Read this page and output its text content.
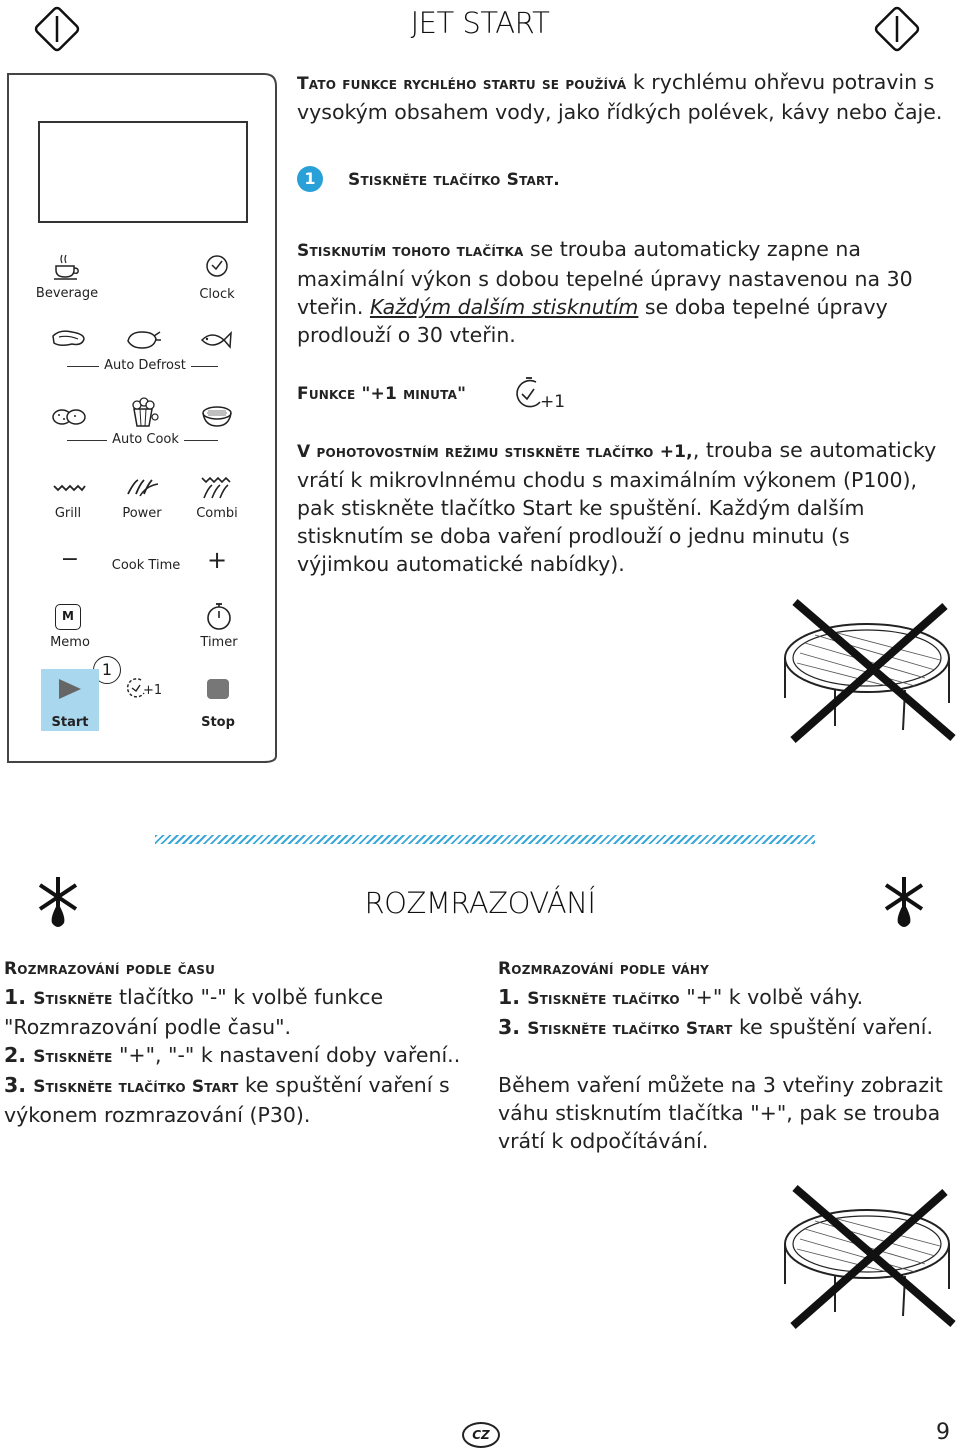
JET START
Beverage	Clock
Auto Defrost
Auto Cook
Grill	Power	Combi
−	Cook Time +
M
Memo	Timer
1
Start
+1
Stop
Tato funkce rychlého startu se používá k rychlému ohřevu potravin s vysokým obsahem vody, jako řídkých polévek, kávy nebo čaje.
1	Stiskněte tlačítko Start.
Stisknutím tohoto tlačítka se trouba automaticky zapne na maximální výkon s dobou tepelné úpravy nastavenou na 30 vteřin. Každým dalším stisknutím se doba tepelné úpravy prodlouží o 30 vteřin.
Funkce "+1 minuta"	+1
V pohotovostním režimu stiskněte tlačítko +1,, trouba se automaticky vrátí k mikrovlnnému chodu s maximálním výkonem (P100), pak stiskněte tlačítko Start ke spuštění. Každým dalším stisknutím se doba vaření prodlouží o jednu minutu (s výjimkou automatické nabídky).
ROZMRAZOVÁNÍ
Rozmrazování podle času
1. Stiskněte tlačítko "-" k volbě funkce "Rozmrazování podle času".
2. Stiskněte "+", "-" k nastavení doby vaření..
3. Stiskněte tlačítko Start ke spuštění vaření s výkonem rozmrazování (P30).
Rozmrazování podle váhy
1. Stiskněte tlačítko "+" k volbě váhy.
3. Stiskněte tlačítko Start ke spuštění vaření.
Během vaření můžete na 3 vteřiny zobrazit váhu stisknutím tlačítka "+", pak se trouba vrátí k odpočítávání.
CZ	9
